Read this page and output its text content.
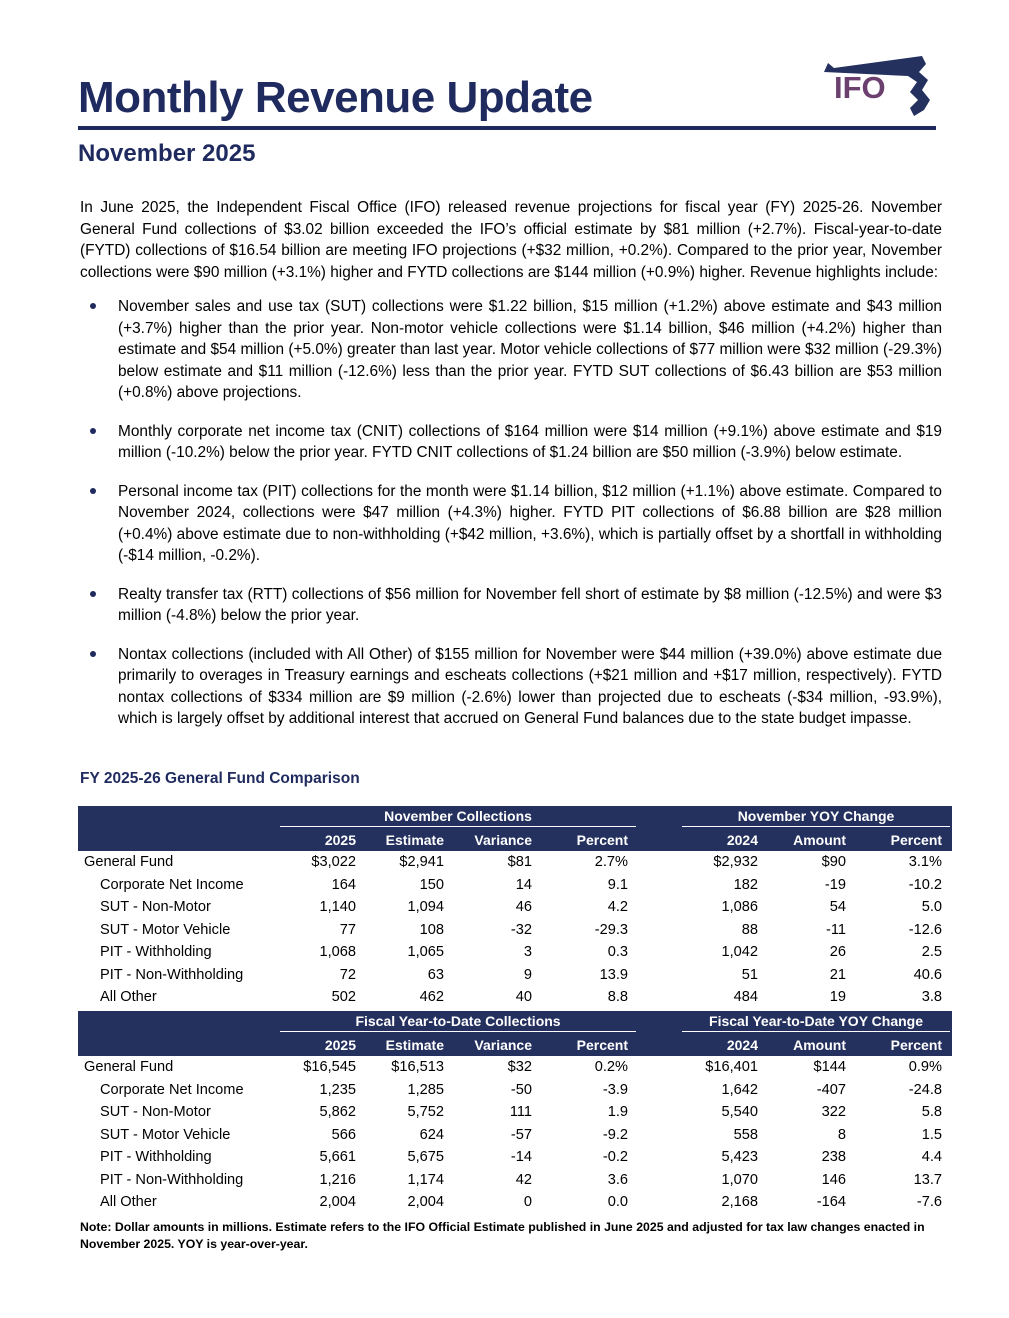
Monthly Revenue Update	IFO
November 2025

In June 2025, the Independent Fiscal Office (IFO) released revenue projections for fiscal year (FY) 2025-26. November General Fund collections of $3.02 billion exceeded the IFO’s official estimate by $81 million (+2.7%). Fiscal-year-to-date (FYTD) collections of $16.54 billion are meeting IFO projections (+$32 million, +0.2%). Compared to the prior year, November collections were $90 million (+3.1%) higher and FYTD collections are $144 million (+0.9%) higher. Revenue highlights include:

November sales and use tax (SUT) collections were $1.22 billion, $15 million (+1.2%) above estimate and $43 million (+3.7%) higher than the prior year. Non-motor vehicle collections were $1.14 billion, $46 million (+4.2%) higher than estimate and $54 million (+5.0%) greater than last year. Motor vehicle collections of $77 million were $32 million (-29.3%) below estimate and $11 million (-12.6%) less than the prior year. FYTD SUT collections of $6.43 billion are $53 million (+0.8%) above projections.
Monthly corporate net income tax (CNIT) collections of $164 million were $14 million (+9.1%) above estimate and $19 million (-10.2%) below the prior year. FYTD CNIT collections of $1.24 billion are $50 million (-3.9%) below estimate.
Personal income tax (PIT) collections for the month were $1.14 billion, $12 million (+1.1%) above estimate. Compared to November 2024, collections were $47 million (+4.3%) higher. FYTD PIT collections of $6.88 billion are $28 million (+0.4%) above estimate due to non-withholding (+$42 million, +3.6%), which is partially offset by a shortfall in withholding (-$14 million, -0.2%).
Realty transfer tax (RTT) collections of $56 million for November fell short of estimate by $8 million (-12.5%) and were $3 million (-4.8%) below the prior year.
Nontax collections (included with All Other) of $155 million for November were $44 million (+39.0%) above estimate due primarily to overages in Treasury earnings and escheats collections (+$21 million and +$17 million, respectively). FYTD nontax collections of $334 million are $9 million (-2.6%) lower than projected due to escheats (-$34 million, -93.9%), which is largely offset by additional interest that accrued on General Fund balances due to the state budget impasse.
FY 2025-26 General Fund Comparison

	November Collections					November YOY Change		

	2025	Estimate	Variance	Percent		2024	Amount	Percent

General Fund	$3,022	$2,941	$81	2.7%		$2,932	$90	3.1%
Corporate Net Income	164	150	14	9.1		182	-19	-10.2
SUT - Non-Motor	1,140	1,094	46	4.2		1,086	54	5.0
SUT - Motor Vehicle	77	108	-32	-29.3		88	-11	-12.6
PIT - Withholding	1,068	1,065	3	0.3		1,042	26	2.5
PIT - Non-Withholding	72	63	9	13.9		51	21	40.6
All Other	502	462	40	8.8		484	19	3.8

	Fiscal Year-to-Date Collections					Fiscal Year-to-Date YOY Change		

	2025	Estimate	Variance	Percent		2024	Amount	Percent

General Fund	$16,545	$16,513	$32	0.2%		$16,401	$144	0.9%
Corporate Net Income	1,235	1,285	-50	-3.9		1,642	-407	-24.8
SUT - Non-Motor	5,862	5,752	111	1.9		5,540	322	5.8
SUT - Motor Vehicle	566	624	-57	-9.2		558	8	1.5
PIT - Withholding	5,661	5,675	-14	-0.2		5,423	238	4.4
PIT - Non-Withholding	1,216	1,174	42	3.6		1,070	146	13.7
All Other	2,004	2,004	0	0.0		2,168	-164	-7.6
Note: Dollar amounts in millions. Estimate refers to the IFO Official Estimate published in June 2025 and adjusted for tax law changes enacted in November 2025. YOY is year-over-year.
